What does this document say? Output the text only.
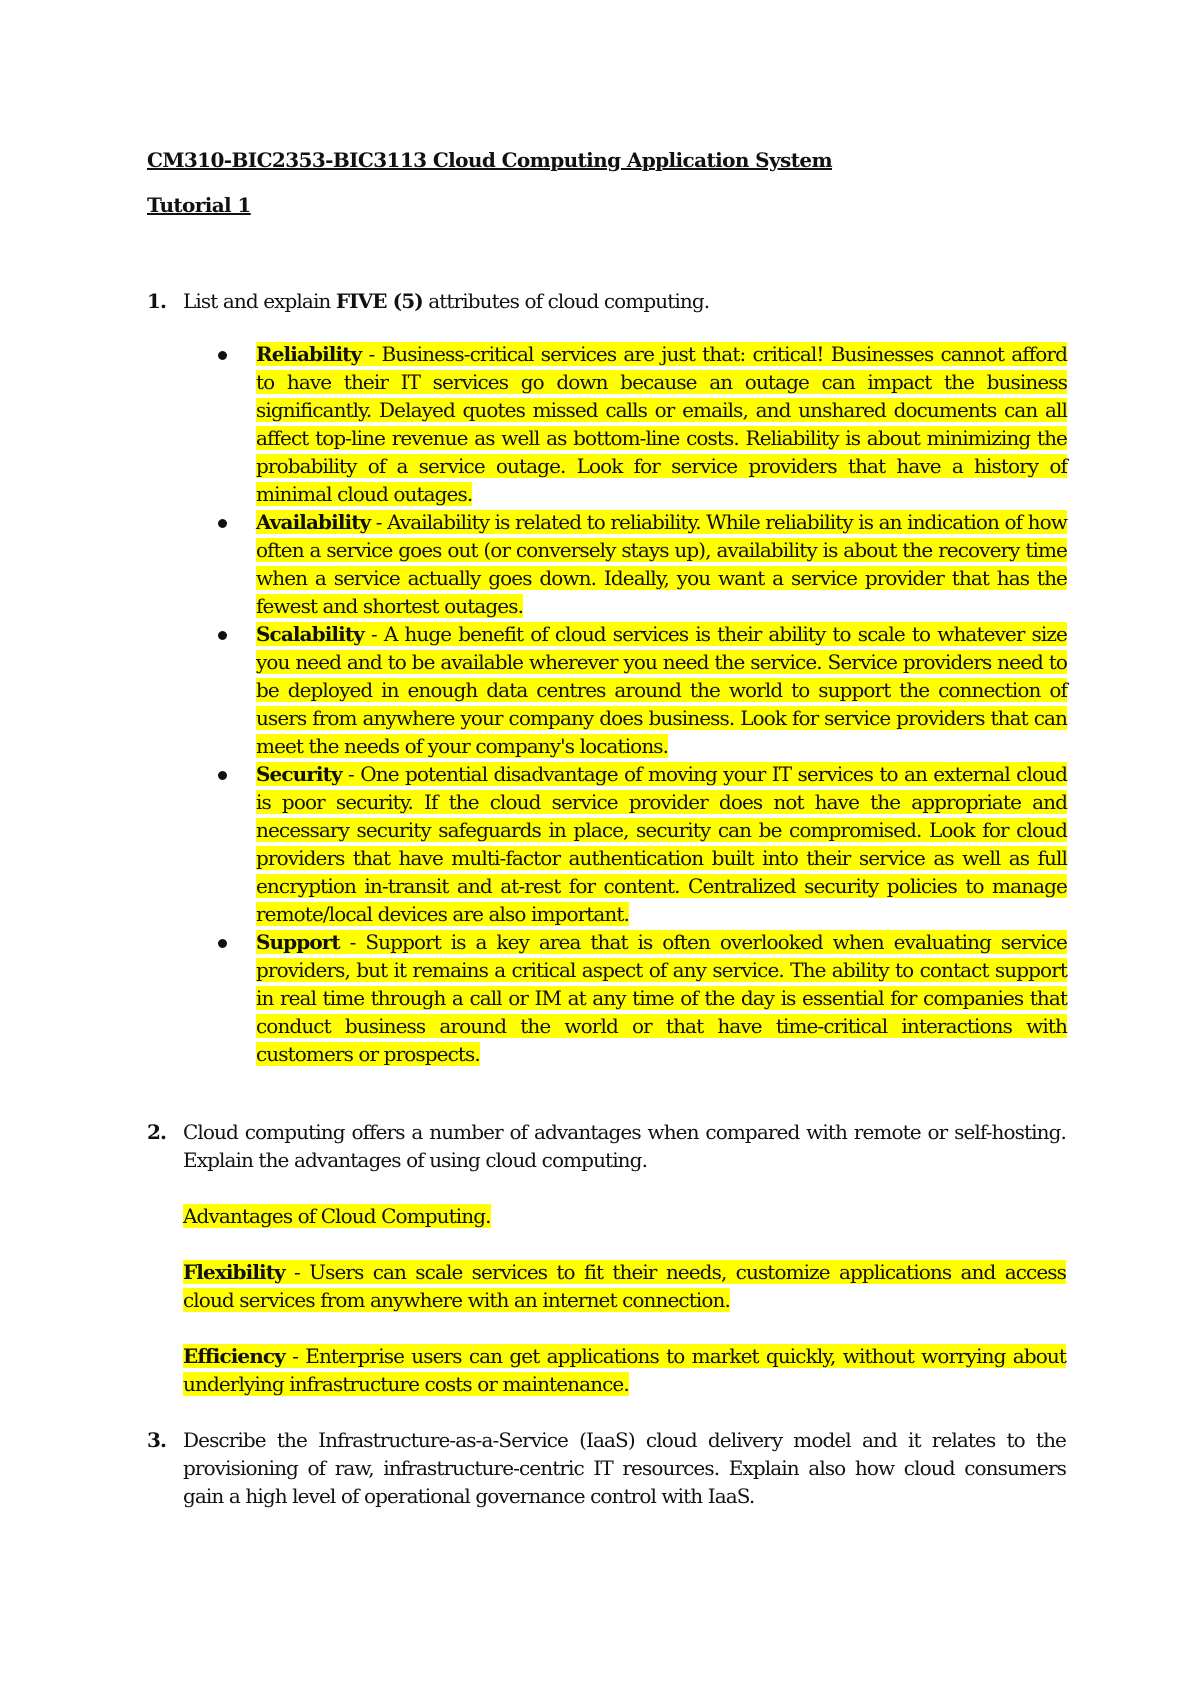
CM310-BIC2353-BIC3113 Cloud Computing Application System
Tutorial 1
1. List and explain FIVE (5) attributes of cloud computing.
Reliability - Business-critical services are just that: critical! Businesses cannot afford to have their IT services go down because an outage can impact the business significantly. Delayed quotes missed calls or emails, and unshared documents can all affect top-line revenue as well as bottom-line costs. Reliability is about minimizing the probability of a service outage. Look for service providers that have a history of minimal cloud outages.
Availability - Availability is related to reliability. While reliability is an indication of how often a service goes out (or conversely stays up), availability is about the recovery time when a service actually goes down. Ideally, you want a service provider that has the fewest and shortest outages.
Scalability - A huge benefit of cloud services is their ability to scale to whatever size you need and to be available wherever you need the service. Service providers need to be deployed in enough data centres around the world to support the connection of users from anywhere your company does business. Look for service providers that can meet the needs of your company's locations.
Security - One potential disadvantage of moving your IT services to an external cloud is poor security. If the cloud service provider does not have the appropriate and necessary security safeguards in place, security can be compromised. Look for cloud providers that have multi-factor authentication built into their service as well as full encryption in-transit and at-rest for content. Centralized security policies to manage remote/local devices are also important.
Support - Support is a key area that is often overlooked when evaluating service providers, but it remains a critical aspect of any service. The ability to contact support in real time through a call or IM at any time of the day is essential for companies that conduct business around the world or that have time-critical interactions with customers or prospects.
2. Cloud computing offers a number of advantages when compared with remote or self-hosting. Explain the advantages of using cloud computing.
Advantages of Cloud Computing.
Flexibility - Users can scale services to fit their needs, customize applications and access cloud services from anywhere with an internet connection.
Efficiency - Enterprise users can get applications to market quickly, without worrying about underlying infrastructure costs or maintenance.
3. Describe the Infrastructure-as-a-Service (IaaS) cloud delivery model and it relates to the provisioning of raw, infrastructure-centric IT resources. Explain also how cloud consumers gain a high level of operational governance control with IaaS.
